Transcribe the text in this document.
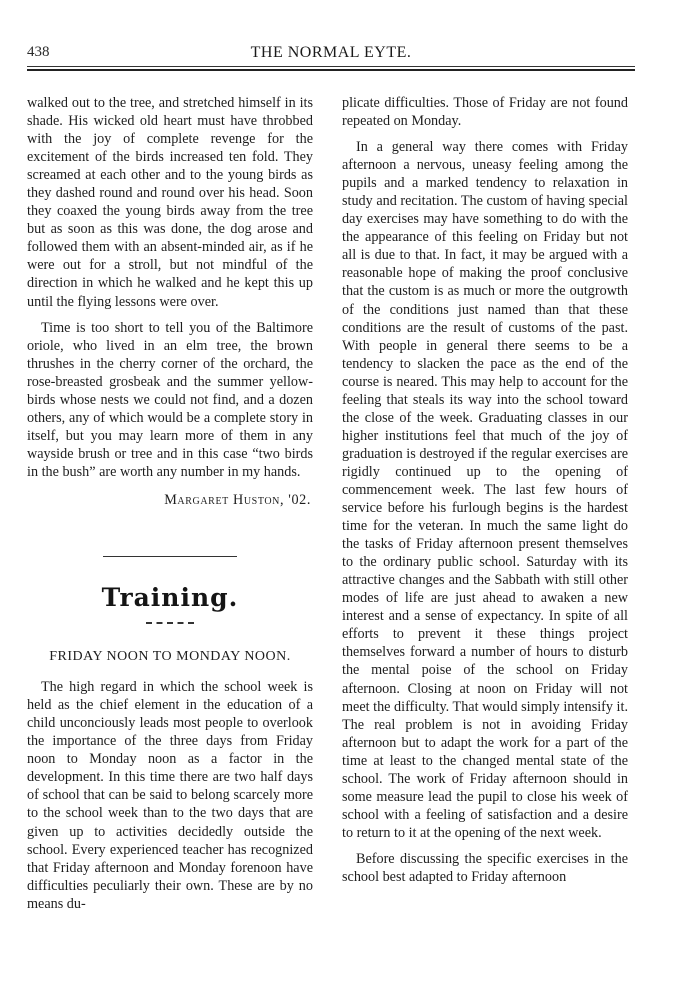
438	THE NORMAL EYTE.

walked out to the tree, and stretched himself in its shade. His wicked old heart must have throbbed with the joy of complete revenge for the excitement of the birds increased ten fold. They screamed at each other and to the young birds as they dashed round and round over his head. Soon they coaxed the young birds away from the tree but as soon as this was done, the dog arose and followed them with an absent-minded air, as if he were out for a stroll, but not mindful of the direction in which he walked and he kept this up until the flying lessons were over.

Time is too short to tell you of the Baltimore oriole, who lived in an elm tree, the brown thrushes in the cherry corner of the orchard, the rose-breasted grosbeak and the summer yellow-birds whose nests we could not find, and a dozen others, any of which would be a complete story in itself, but you may learn more of them in any wayside brush or tree and in this case “two birds in the bush” are worth any number in my hands.

Margaret Huston, '02.

Training.
FRIDAY NOON TO MONDAY NOON.

The high regard in which the school week is held as the chief element in the education of a child unconciously leads most people to overlook the importance of the three days from Friday noon to Monday noon as a factor in the development. In this time there are two half days of school that can be said to belong scarcely more to the school week than to the two days that are given up to activities decidedly outside the school. Every experienced teacher has recognized that Friday afternoon and Monday forenoon have difficulties peculiarly their own. These are by no means du-

plicate difficulties. Those of Friday are not found repeated on Monday.

In a general way there comes with Friday afternoon a nervous, uneasy feeling among the pupils and a marked tendency to relaxation in study and recitation. The custom of having special day exercises may have something to do with the the appearance of this feeling on Friday but not all is due to that. In fact, it may be argued with a reasonable hope of making the proof conclusive that the custom is as much or more the outgrowth of the conditions just named than that these conditions are the result of customs of the past. With people in general there seems to be a tendency to slacken the pace as the end of the course is neared. This may help to account for the feeling that steals its way into the school toward the close of the week. Graduating classes in our higher institutions feel that much of the joy of graduation is destroyed if the regular exercises are rigidly continued up to the opening of commencement week. The last few hours of service before his furlough begins is the hardest time for the veteran. In much the same light do the tasks of Friday afternoon present themselves to the ordinary public school. Saturday with its attractive changes and the Sabbath with still other modes of life are just ahead to awaken a new interest and a sense of expectancy. In spite of all efforts to prevent it these things project themselves forward a number of hours to disturb the mental poise of the school on Friday afternoon. Closing at noon on Friday will not meet the difficulty. That would simply intensify it. The real problem is not in avoiding Friday afternoon but to adapt the work for a part of the time at least to the changed mental state of the school. The work of Friday afternoon should in some measure lead the pupil to close his week of school with a feeling of satisfaction and a desire to return to it at the opening of the next week.

Before discussing the specific exercises in the school best adapted to Friday afternoon
